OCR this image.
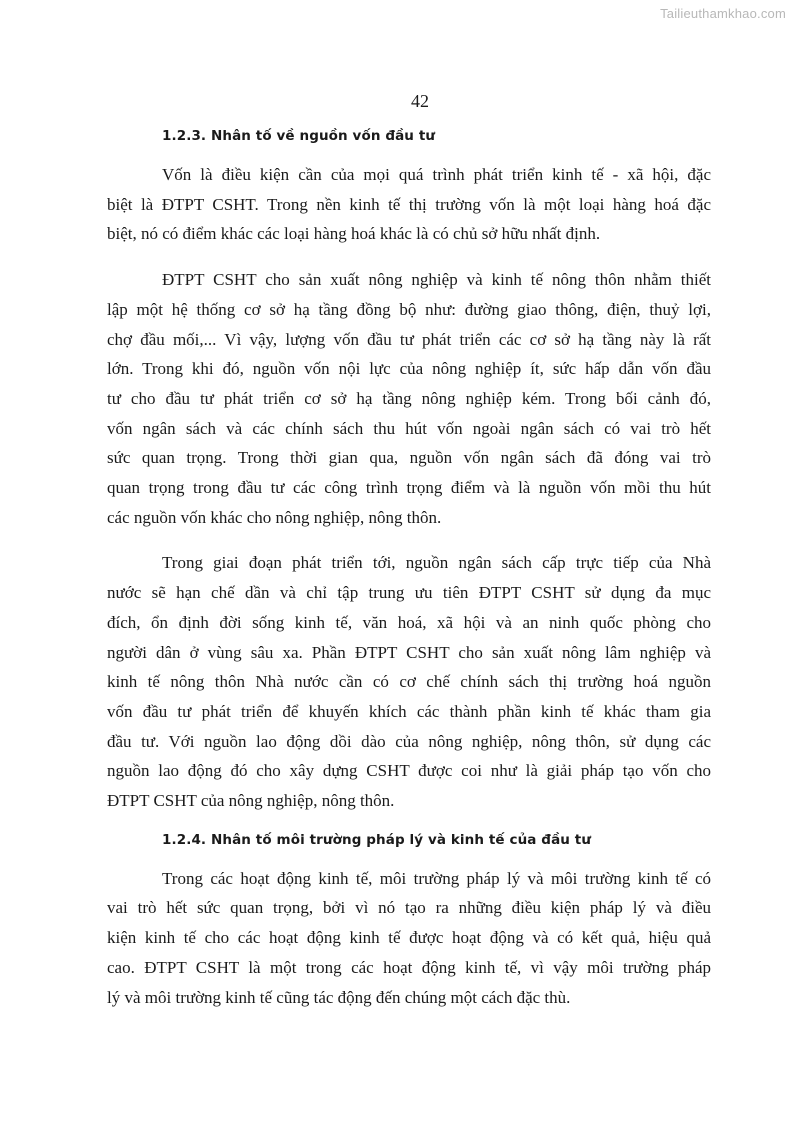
Tailieuthamkhao.com
42
1.2.3. Nhân tố về nguồn vốn đầu tư
Vốn là điều kiện cần của mọi quá trình phát triển kinh tế - xã hội, đặc
biệt là ĐTPT CSHT. Trong nền kinh tế thị trường vốn là một loại hàng hoá đặc
biệt, nó có điểm khác các loại hàng hoá khác là có chủ sở hữu nhất định.
ĐTPT CSHT cho sản xuất nông nghiệp và kinh tế nông thôn nhằm thiết
lập một hệ thống cơ sở hạ tầng đồng bộ như: đường giao thông, điện, thuỷ lợi,
chợ đầu mối,... Vì vậy, lượng vốn đầu tư phát triển các cơ sở hạ tầng này là rất
lớn. Trong khi đó, nguồn vốn nội lực của nông nghiệp ít, sức hấp dẫn vốn đầu
tư cho đầu tư phát triển cơ sở hạ tầng nông nghiệp kém. Trong bối cảnh đó,
vốn ngân sách và các chính sách thu hút vốn ngoài ngân sách có vai trò hết
sức quan trọng. Trong thời gian qua, nguồn vốn ngân sách đã đóng vai trò
quan trọng trong đầu tư các công trình trọng điểm và là nguồn vốn mồi thu hút
các nguồn vốn khác cho nông nghiệp, nông thôn.
Trong giai đoạn phát triển tới, nguồn ngân sách cấp trực tiếp của Nhà
nước sẽ hạn chế dần và chỉ tập trung ưu tiên ĐTPT CSHT sử dụng đa mục
đích, ổn định đời sống kinh tế, văn hoá, xã hội và an ninh quốc phòng cho
người dân ở vùng sâu xa. Phần ĐTPT CSHT cho sản xuất nông lâm nghiệp và
kinh tế nông thôn Nhà nước cần có cơ chế chính sách thị trường hoá nguồn
vốn đầu tư phát triển để khuyến khích các thành phần kinh tế khác tham gia
đầu tư. Với nguồn lao động dồi dào của nông nghiệp, nông thôn, sử dụng các
nguồn lao động đó cho xây dựng CSHT được coi như là giải pháp tạo vốn cho
ĐTPT CSHT của nông nghiệp, nông thôn.
1.2.4. Nhân tố môi trường pháp lý và kinh tế của đầu tư
Trong các hoạt động kinh tế, môi trường pháp lý và môi trường kinh tế có
vai trò hết sức quan trọng, bởi vì nó tạo ra những điều kiện pháp lý và điều
kiện kinh tế cho các hoạt động kinh tế được hoạt động và có kết quả, hiệu quả
cao. ĐTPT CSHT là một trong các hoạt động kinh tế, vì vậy môi trường pháp
lý và môi trường kinh tế cũng tác động đến chúng một cách đặc thù.
